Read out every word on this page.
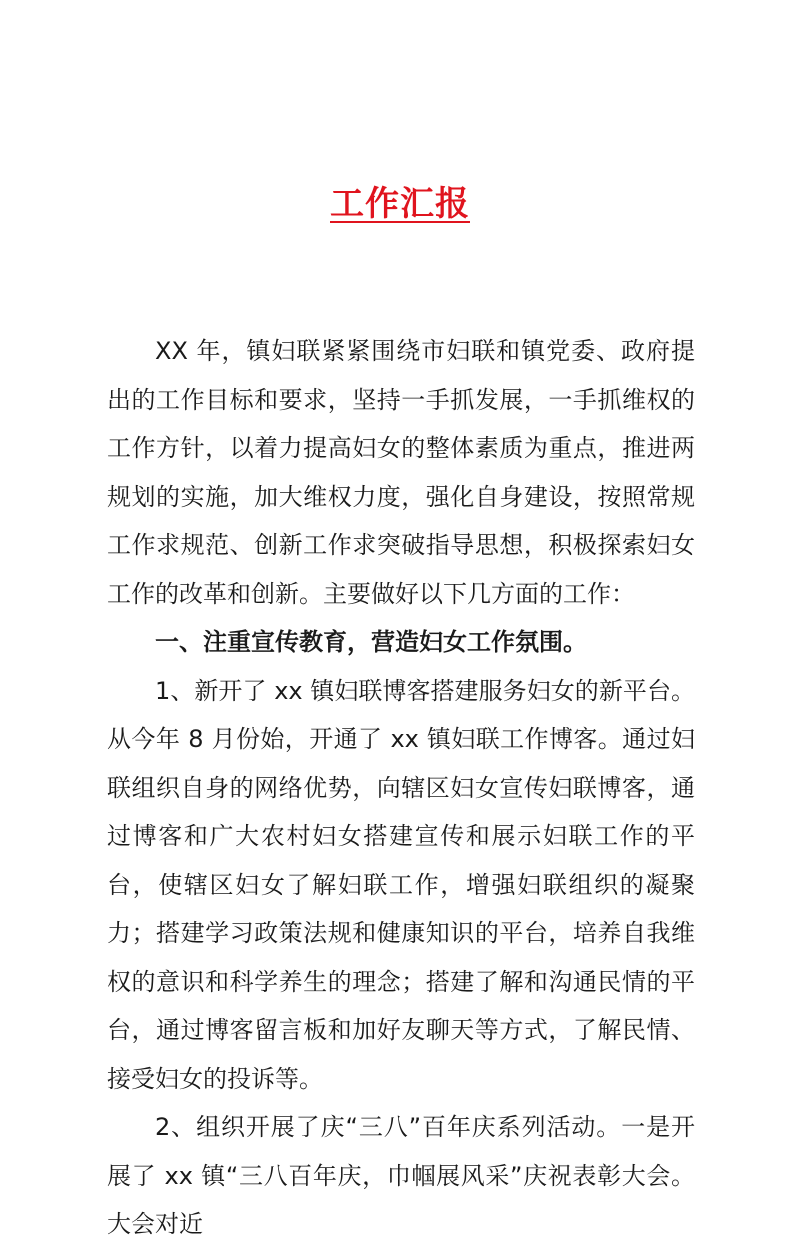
工作汇报

XX 年，镇妇联紧紧围绕市妇联和镇党委、政府提出的工作目标和要求，坚持一手抓发展，一手抓维权的工作方针，以着力提高妇女的整体素质为重点，推进两规划的实施，加大维权力度，强化自身建设，按照常规工作求规范、创新工作求突破指导思想，积极探索妇女工作的改革和创新。主要做好以下几方面的工作：

一、注重宣传教育，营造妇女工作氛围。

1、新开了 xx 镇妇联博客搭建服务妇女的新平台。从今年 8 月份始，开通了 xx 镇妇联工作博客。通过妇联组织自身的网络优势，向辖区妇女宣传妇联博客，通过博客和广大农村妇女搭建宣传和展示妇联工作的平台，使辖区妇女了解妇联工作，增强妇联组织的凝聚力；搭建学习政策法规和健康知识的平台，培养自我维权的意识和科学养生的理念；搭建了解和沟通民情的平台，通过博客留言板和加好友聊天等方式，了解民情、接受妇女的投诉等。

2、组织开展了庆“三八”百年庆系列活动。一是开展了 xx 镇“三八百年庆，巾帼展风采”庆祝表彰大会。大会对近
